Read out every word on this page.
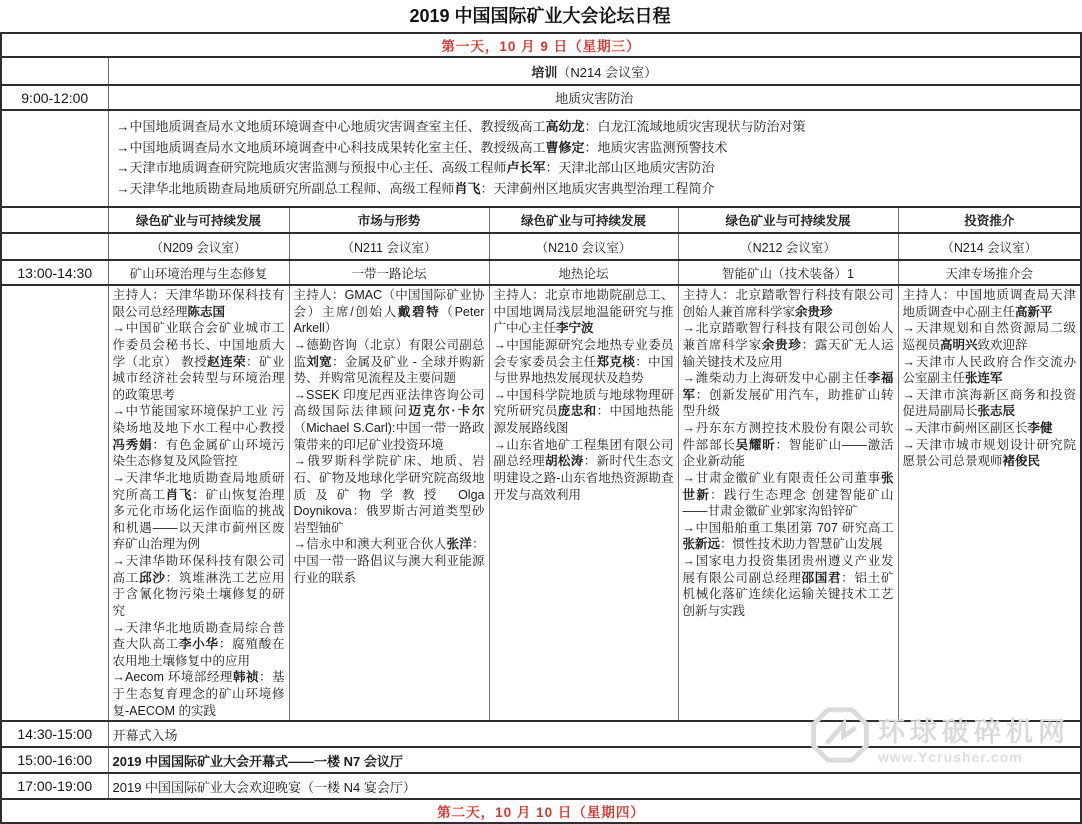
2019 中国国际矿业大会论坛日程
第一天，10 月 9 日（星期三）					

	培训（N214 会议室）				

9:00-12:00	地质灾害防治				

	→中国地质调查局水文地质环境调查中心地质灾害调查室主任、教授级高工高幼龙：白龙江流域地质灾害现状与防治对策
→中国地质调查局水文地质环境调查中心科技成果转化室主任、教授级高工曹修定：地质灾害监测预警技术
→天津市地质调查研究院地质灾害监测与预报中心主任、高级工程师卢长军：天津北部山区地质灾害防治
→天津华北地质勘查局地质研究所副总工程师、高级工程师肖飞：天津蓟州区地质灾害典型治理工程简介				

	绿色矿业与可持续发展	市场与形势	绿色矿业与可持续发展	绿色矿业与可持续发展	投资推介
	（N209 会议室）	（N211 会议室）	（N210 会议室）	（N212 会议室）	（N214 会议室）
13:00-14:30	矿山环境治理与生态修复	一带一路论坛	地热论坛	智能矿山（技术装备）1	天津专场推介会

主持人：天津华勘环保科技有限公司总经理陈志国
→中国矿业联合会矿业城市工作委员会秘书长、中国地质大学（北京） 教授赵连荣：矿业城市经济社会转型与环境治理的政策思考
→中节能国家环境保护工业 污染场地及地下水工程中心教授冯秀娟：有色金属矿山环境污染生态修复及风险管控
→天津华北地质勘查局地质研究所高工肖飞：矿山恢复治理多元化市场化运作面临的挑战和机遇——以天津市蓟州区废弃矿山治理为例
→天津华勘环保科技有限公司高工邱沙：筑堆淋洗工艺应用于含氰化物污染土壤修复的研究
→天津华北地质勘查局综合普查大队高工李小华：腐殖酸在农用地土壤修复中的应用
→Aecom 环境部经理韩祯：基于生态复育理念的矿山环境修复-AECOM 的实践

主持人：GMAC（中国国际矿业协会）主席/创始人戴碧特（Peter Arkell）
→德勤咨询（北京）有限公司副总监刘宽：金属及矿业 - 全球并购新势、并购常见流程及主要问题
→SSEK 印度尼西亚法律咨询公司高级国际法律顾问迈克尔·卡尔（Michael S.Carl):中国一带一路政策带来的印尼矿业投资环境
→俄罗斯科学院矿床、地质、岩石、矿物及地球化学研究院高级地质及矿物学教授 Olga Doynikova：俄罗斯古河道类型砂岩型铀矿
→信永中和澳大利亚合伙人张洋：中国一带一路倡议与澳大利亚能源行业的联系

主持人：北京市地勘院副总工、中国地调局浅层地温能研究与推广中心主任李宁波
→中国能源研究会地热专业委员会专家委员会主任郑克棪：中国与世界地热发展现状及趋势
→中国科学院地质与地球物理研究所研究员庞忠和：中国地热能源发展路线图
→山东省地矿工程集团有限公司副总经理胡松涛：新时代生态文明建设之路-山东省地热资源勘查开发与高效利用

主持人：北京踏歌智行科技有限公司创始人兼首席科学家余贵珍
→北京踏歌智行科技有限公司创始人兼首席科学家余贵珍：露天矿无人运输关键技术及应用
→潍柴动力上海研发中心副主任李福军：创新发展矿用汽车，助推矿山转型升级
→丹东东方测控技术股份有限公司软件部部长吴耀昕：智能矿山——激活企业新动能
→甘肃金徽矿业有限责任公司董事张世新：践行生态理念 创建智能矿山——甘肃金徽矿业郭家沟铅锌矿
→中国船舶重工集团第 707 研究高工张新远：惯性技术助力智慧矿山发展
→国家电力投资集团贵州遵义产业发展有限公司副总经理邵国君：铝土矿机械化落矿连续化运输关键技术工艺创新与实践

主持人：中国地质调查局天津地质调查中心副主任高新平
→天津规划和自然资源局二级巡视员高明兴致欢迎辞
→天津市人民政府合作交流办公室副主任张连军
→天津市滨海新区商务和投资促进局副局长张志辰
→天津市蓟州区副区长李健
→天津市城市规划设计研究院愿景公司总景观师褚俊民

14:30-15:00	开幕式入场				
15:00-16:00	2019 中国国际矿业大会开幕式——一楼 N7 会议厅				
17:00-19:00	2019 中国国际矿业大会欢迎晚宴（一楼 N4 宴会厅）				
第二天，10 月 10 日（星期四）					
环球破碎机网
www.Ycrusher.com
